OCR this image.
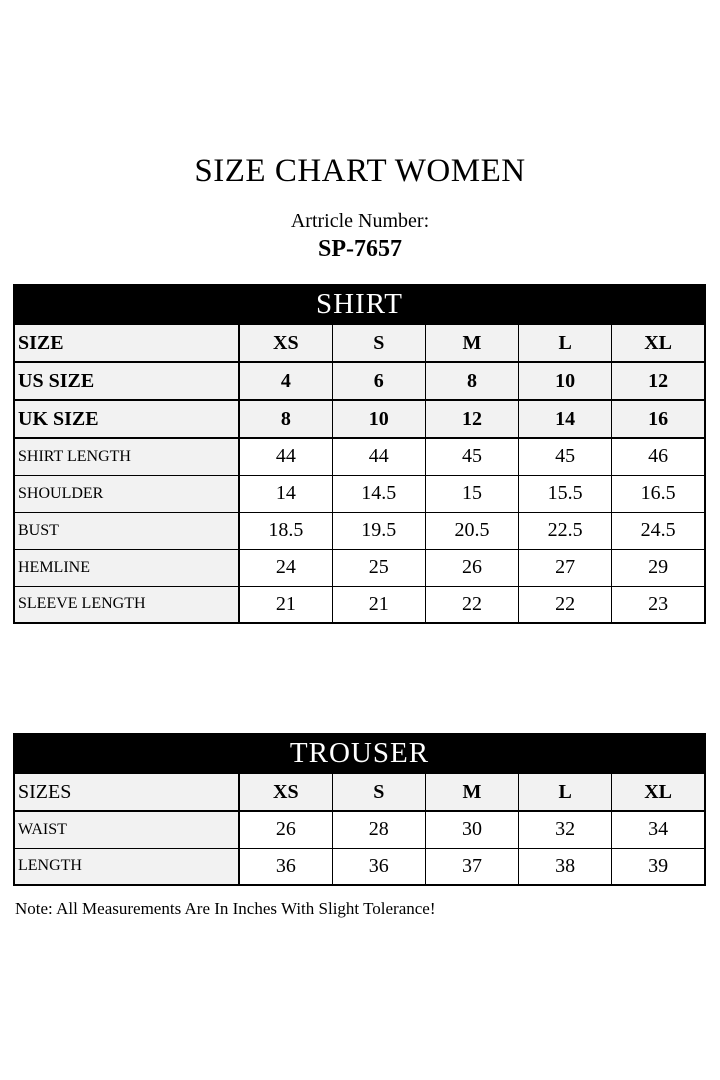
SIZE CHART WOMEN
Artricle Number:
SP-7657
SHIRT					
SIZE	XS	S	M	L	XL
US SIZE	4	6	8	10	12
UK SIZE	8	10	12	14	16
SHIRT LENGTH	44	44	45	45	46
SHOULDER	14	14.5	15	15.5	16.5
BUST	18.5	19.5	20.5	22.5	24.5
HEMLINE	24	25	26	27	29
SLEEVE LENGTH	21	21	22	22	23
TROUSER					
SIZES	XS	S	M	L	XL
WAIST	26	28	30	32	34
LENGTH	36	36	37	38	39
Note: All Measurements Are In Inches With Slight Tolerance!
